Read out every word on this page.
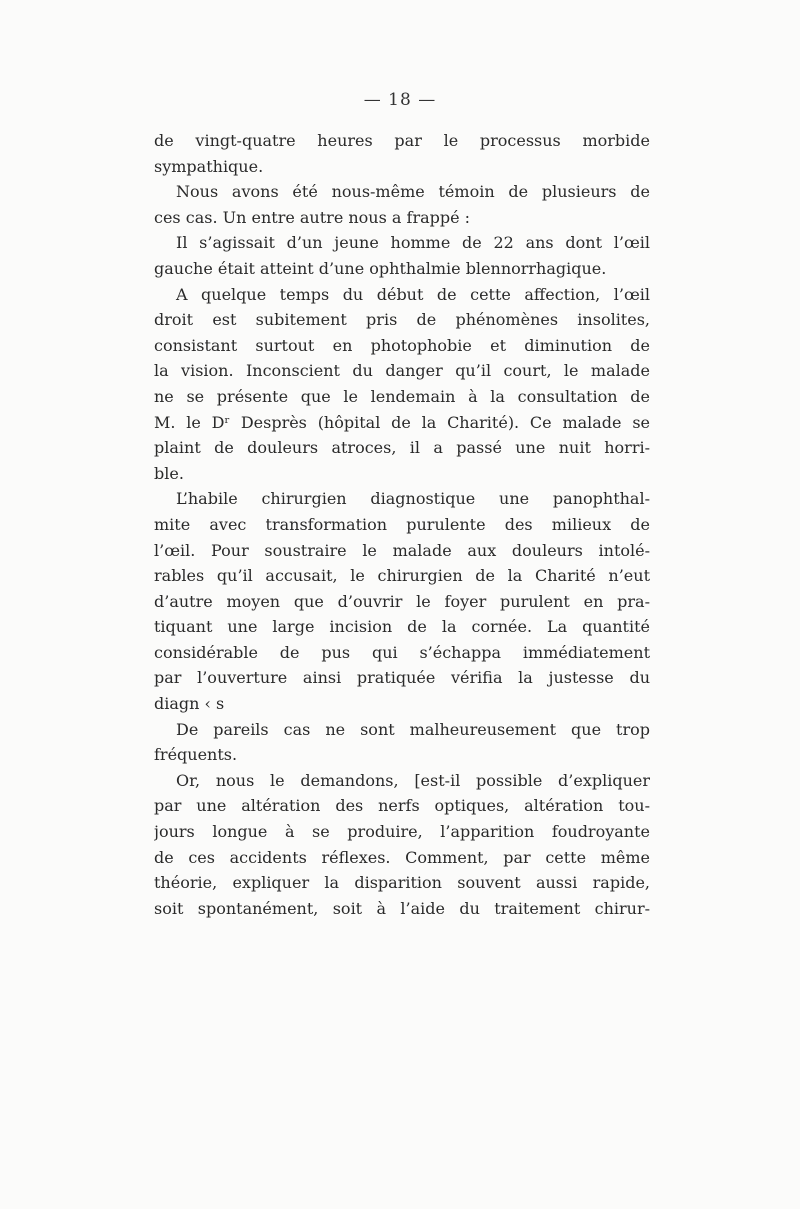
— 18 —
de vingt-quatre heures par le processus morbide
sympathique.
Nous avons été nous-même témoin de plusieurs de
ces cas. Un entre autre nous a frappé :
Il s’agissait d’un jeune homme de 22 ans dont l’œil
gauche était atteint d’une ophthalmie blennorrhagique.
A quelque temps du début de cette affection, l’œil
droit est subitement pris de phénomènes insolites,
consistant surtout en photophobie et diminution de
la vision. Inconscient du danger qu’il court, le malade
ne se présente que le lendemain à la consultation de
M. le Dʳ Desprès (hôpital de la Charité). Ce malade se
plaint de douleurs atroces, il a passé une nuit horri-
ble.
L’habile chirurgien diagnostique une panophthal-
mite avec transformation purulente des milieux de
l’œil. Pour soustraire le malade aux douleurs intolé-
rables qu’il accusait, le chirurgien de la Charité n’eut
d’autre moyen que d’ouvrir le foyer purulent en pra-
tiquant une large incision de la cornée. La quantité
considérable de pus qui s’échappa immédiatement
par l’ouverture ainsi pratiquée vérifia la justesse du
diagn ‹ s
De pareils cas ne sont malheureusement que trop
fréquents.
Or, nous le demandons, [est-il possible d’expliquer
par une altération des nerfs optiques, altération tou-
jours longue à se produire, l’apparition foudroyante
de ces accidents réflexes. Comment, par cette même
théorie, expliquer la disparition souvent aussi rapide,
soit spontanément, soit à l’aide du traitement chirur-
